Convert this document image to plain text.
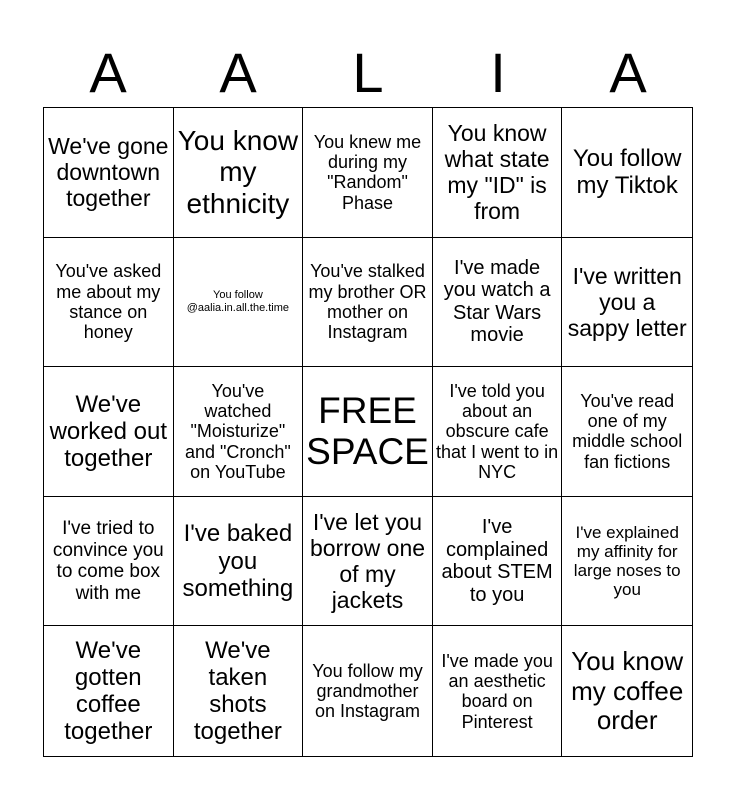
A	A	L	I	A
We've gone downtown together
You know my ethnicity
You knew me during my "Random" Phase
You know what state my "ID" is from
You follow my Tiktok
You've asked me about my stance on honey
You follow @aalia.in.all.the.time
You've stalked my brother OR mother on Instagram
I've made you watch a Star Wars movie
I've written you a sappy letter
We've worked out together
You've watched "Moisturize" and "Cronch" on YouTube
FREE SPACE
I've told you about an obscure cafe that I went to in NYC
You've read one of my middle school fan fictions
I've tried to convince you to come box with me
I've baked you something
I've let you borrow one of my jackets
I've complained about STEM to you
I've explained my affinity for large noses to you
We've gotten coffee together
We've taken shots together
You follow my grandmother on Instagram
I've made you an aesthetic board on Pinterest
You know my coffee order
